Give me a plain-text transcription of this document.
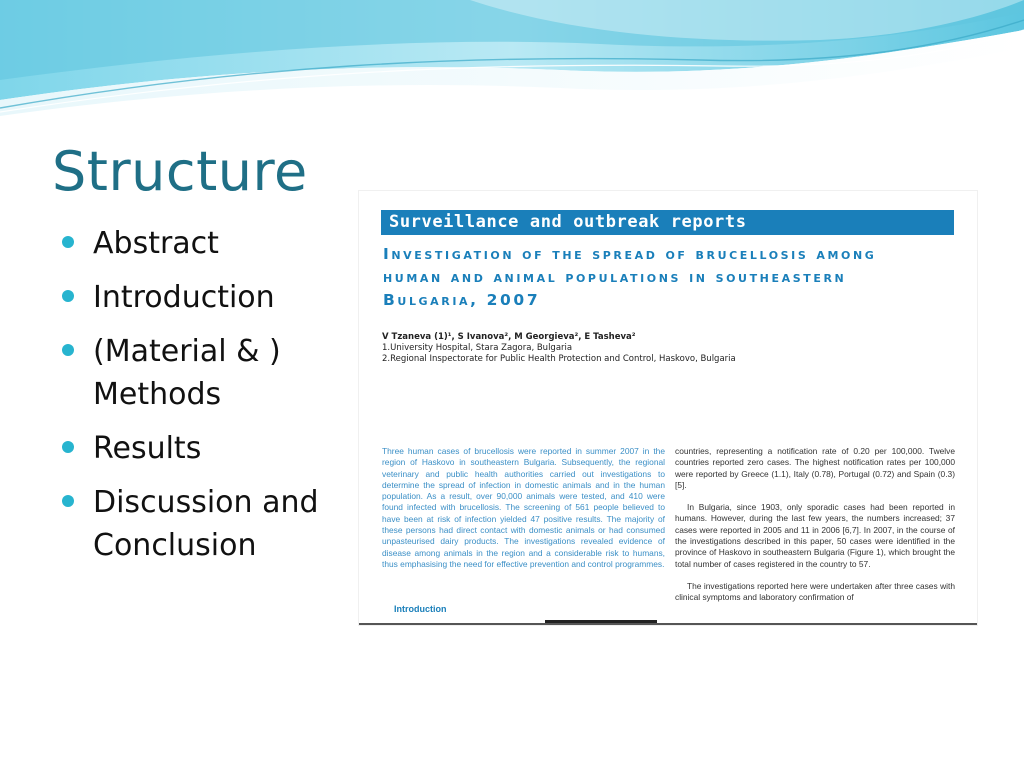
Structure
Abstract
Introduction
(Material & )
Methods
Results
Discussion and
Conclusion
Surveillance and outbreak reports
Investigation of the spread of brucellosis among human and animal populations in southeastern Bulgaria, 2007
V Tzaneva (1)¹, S Ivanova², M Georgieva², E Tasheva²
1.University Hospital, Stara Zagora, Bulgaria
2.Regional Inspectorate for Public Health Protection and Control, Haskovo, Bulgaria

Three human cases of brucellosis were reported in summer 2007 in the region of Haskovo in southeastern Bulgaria. Subsequently, the regional veterinary and public health authorities carried out investigations to determine the spread of infection in domestic animals and in the human population. As a result, over 90,000 animals were tested, and 410 were found infected with brucellosis. The screening of 561 people believed to have been at risk of infection yielded 47 positive results. The majority of these persons had direct contact with domestic animals or had consumed unpasteurised dairy products. The investigations revealed evidence of disease among animals in the region and a considerable risk to humans, thus emphasising the need for effective prevention and control programmes.

countries, representing a notification rate of 0.20 per 100,000. Twelve countries reported zero cases. The highest notification rates per 100,000 were reported by Greece (1.1), Italy (0.78), Portugal (0.72) and Spain (0.3) [5].

In Bulgaria, since 1903, only sporadic cases had been reported in humans. However, during the last few years, the numbers increased; 37 cases were reported in 2005 and 11 in 2006 [6,7]. In 2007, in the course of the investigations described in this paper, 50 cases were identified in the province of Haskovo in southeastern Bulgaria (Figure 1), which brought the total number of cases registered in the country to 57.

The investigations reported here were undertaken after three cases with clinical symptoms and laboratory confirmation of

Introduction
